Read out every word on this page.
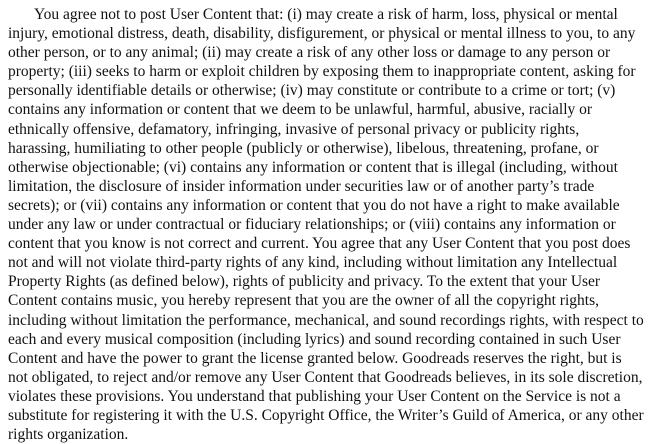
You agree not to post User Content that: (i) may create a risk of harm, loss, physical or mental injury, emotional distress, death, disability, disfigurement, or physical or mental illness to you, to any other person, or to any animal; (ii) may create a risk of any other loss or damage to any person or property; (iii) seeks to harm or exploit children by exposing them to inappropriate content, asking for personally identifiable details or otherwise; (iv) may constitute or contribute to a crime or tort; (v) contains any information or content that we deem to be unlawful, harmful, abusive, racially or ethnically offensive, defamatory, infringing, invasive of personal privacy or publicity rights, harassing, humiliating to other people (publicly or otherwise), libelous, threatening, profane, or otherwise objectionable; (vi) contains any information or content that is illegal (including, without limitation, the disclosure of insider information under securities law or of another party’s trade secrets); or (vii) contains any information or content that you do not have a right to make available under any law or under contractual or fiduciary relationships; or (viii) contains any information or content that you know is not correct and current. You agree that any User Content that you post does not and will not violate third-party rights of any kind, including without limitation any Intellectual Property Rights (as defined below), rights of publicity and privacy. To the extent that your User Content contains music, you hereby represent that you are the owner of all the copyright rights, including without limitation the performance, mechanical, and sound recordings rights, with respect to each and every musical composition (including lyrics) and sound recording contained in such User Content and have the power to grant the license granted below. Goodreads reserves the right, but is not obligated, to reject and/or remove any User Content that Goodreads believes, in its sole discretion, violates these provisions. You understand that publishing your User Content on the Service is not a substitute for registering it with the U.S. Copyright Office, the Writer’s Guild of America, or any other rights organization.
